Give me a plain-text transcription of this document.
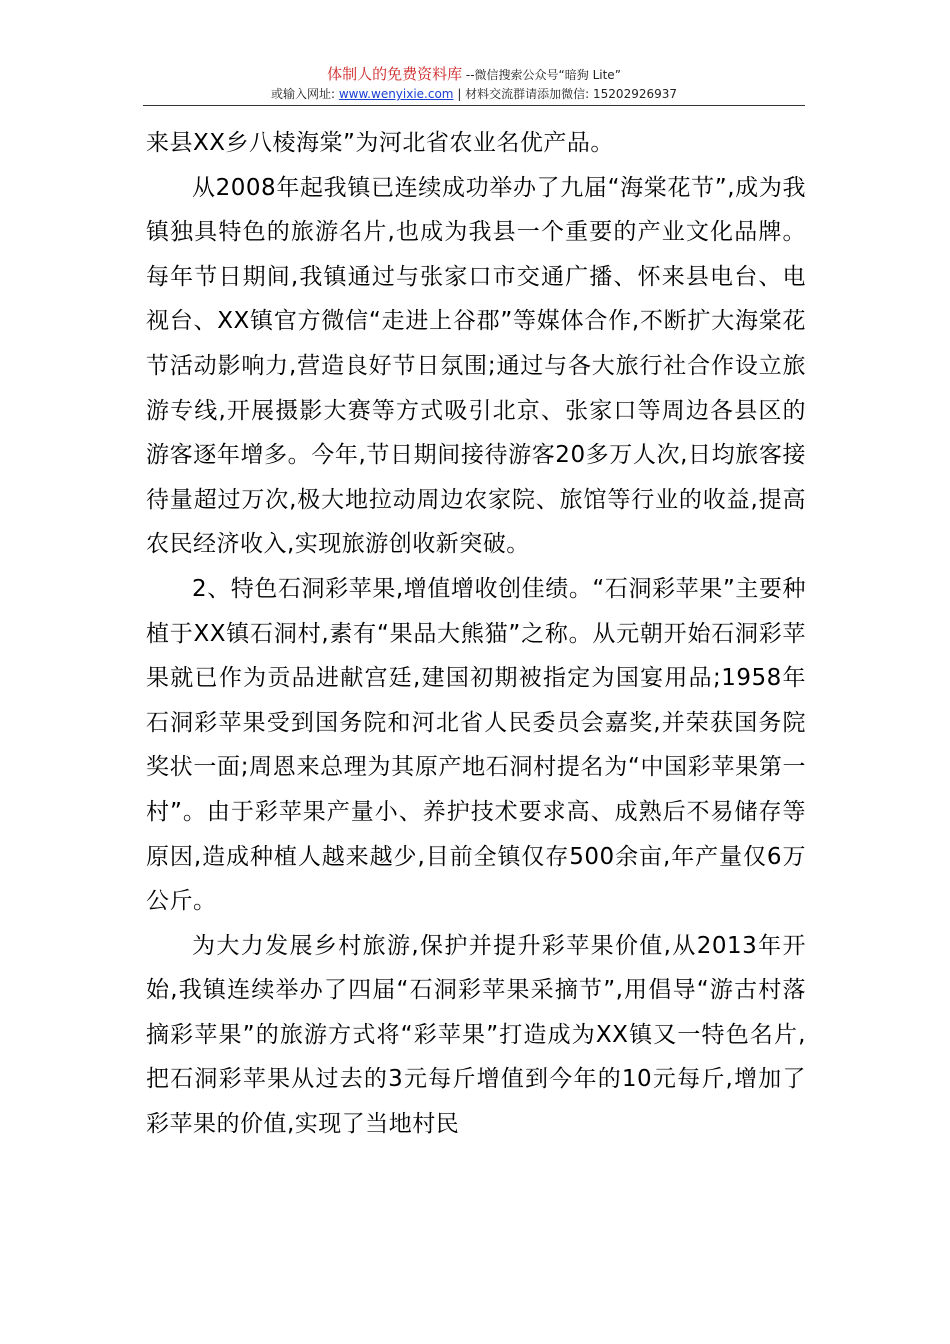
体制人的免费资料库 --微信搜索公众号“暗狗 Lite”
或输入网址: www.wenyixie.com | 材料交流群请添加微信: 15202926937

来县XX乡八棱海棠”为河北省农业名优产品。

从2008年起我镇已连续成功举办了九届“海棠花节”,成为我镇独具特色的旅游名片,也成为我县一个重要的产业文化品牌。每年节日期间,我镇通过与张家口市交通广播、怀来县电台、电视台、XX镇官方微信“走进上谷郡”等媒体合作,不断扩大海棠花节活动影响力,营造良好节日氛围;通过与各大旅行社合作设立旅游专线,开展摄影大赛等方式吸引北京、张家口等周边各县区的游客逐年增多。今年,节日期间接待游客20多万人次,日均旅客接待量超过万次,极大地拉动周边农家院、旅馆等行业的收益,提高农民经济收入,实现旅游创收新突破。

2、特色石洞彩苹果,增值增收创佳绩。“石洞彩苹果”主要种植于XX镇石洞村,素有“果品大熊猫”之称。从元朝开始石洞彩苹果就已作为贡品进献宫廷,建国初期被指定为国宴用品;1958年石洞彩苹果受到国务院和河北省人民委员会嘉奖,并荣获国务院奖状一面;周恩来总理为其原产地石洞村提名为“中国彩苹果第一村”。由于彩苹果产量小、养护技术要求高、成熟后不易储存等原因,造成种植人越来越少,目前全镇仅存500余亩,年产量仅6万公斤。

为大力发展乡村旅游,保护并提升彩苹果价值,从2013年开始,我镇连续举办了四届“石洞彩苹果采摘节”,用倡导“游古村落摘彩苹果”的旅游方式将“彩苹果”打造成为XX镇又一特色名片,把石洞彩苹果从过去的3元每斤增值到今年的10元每斤,增加了彩苹果的价值,实现了当地村民
